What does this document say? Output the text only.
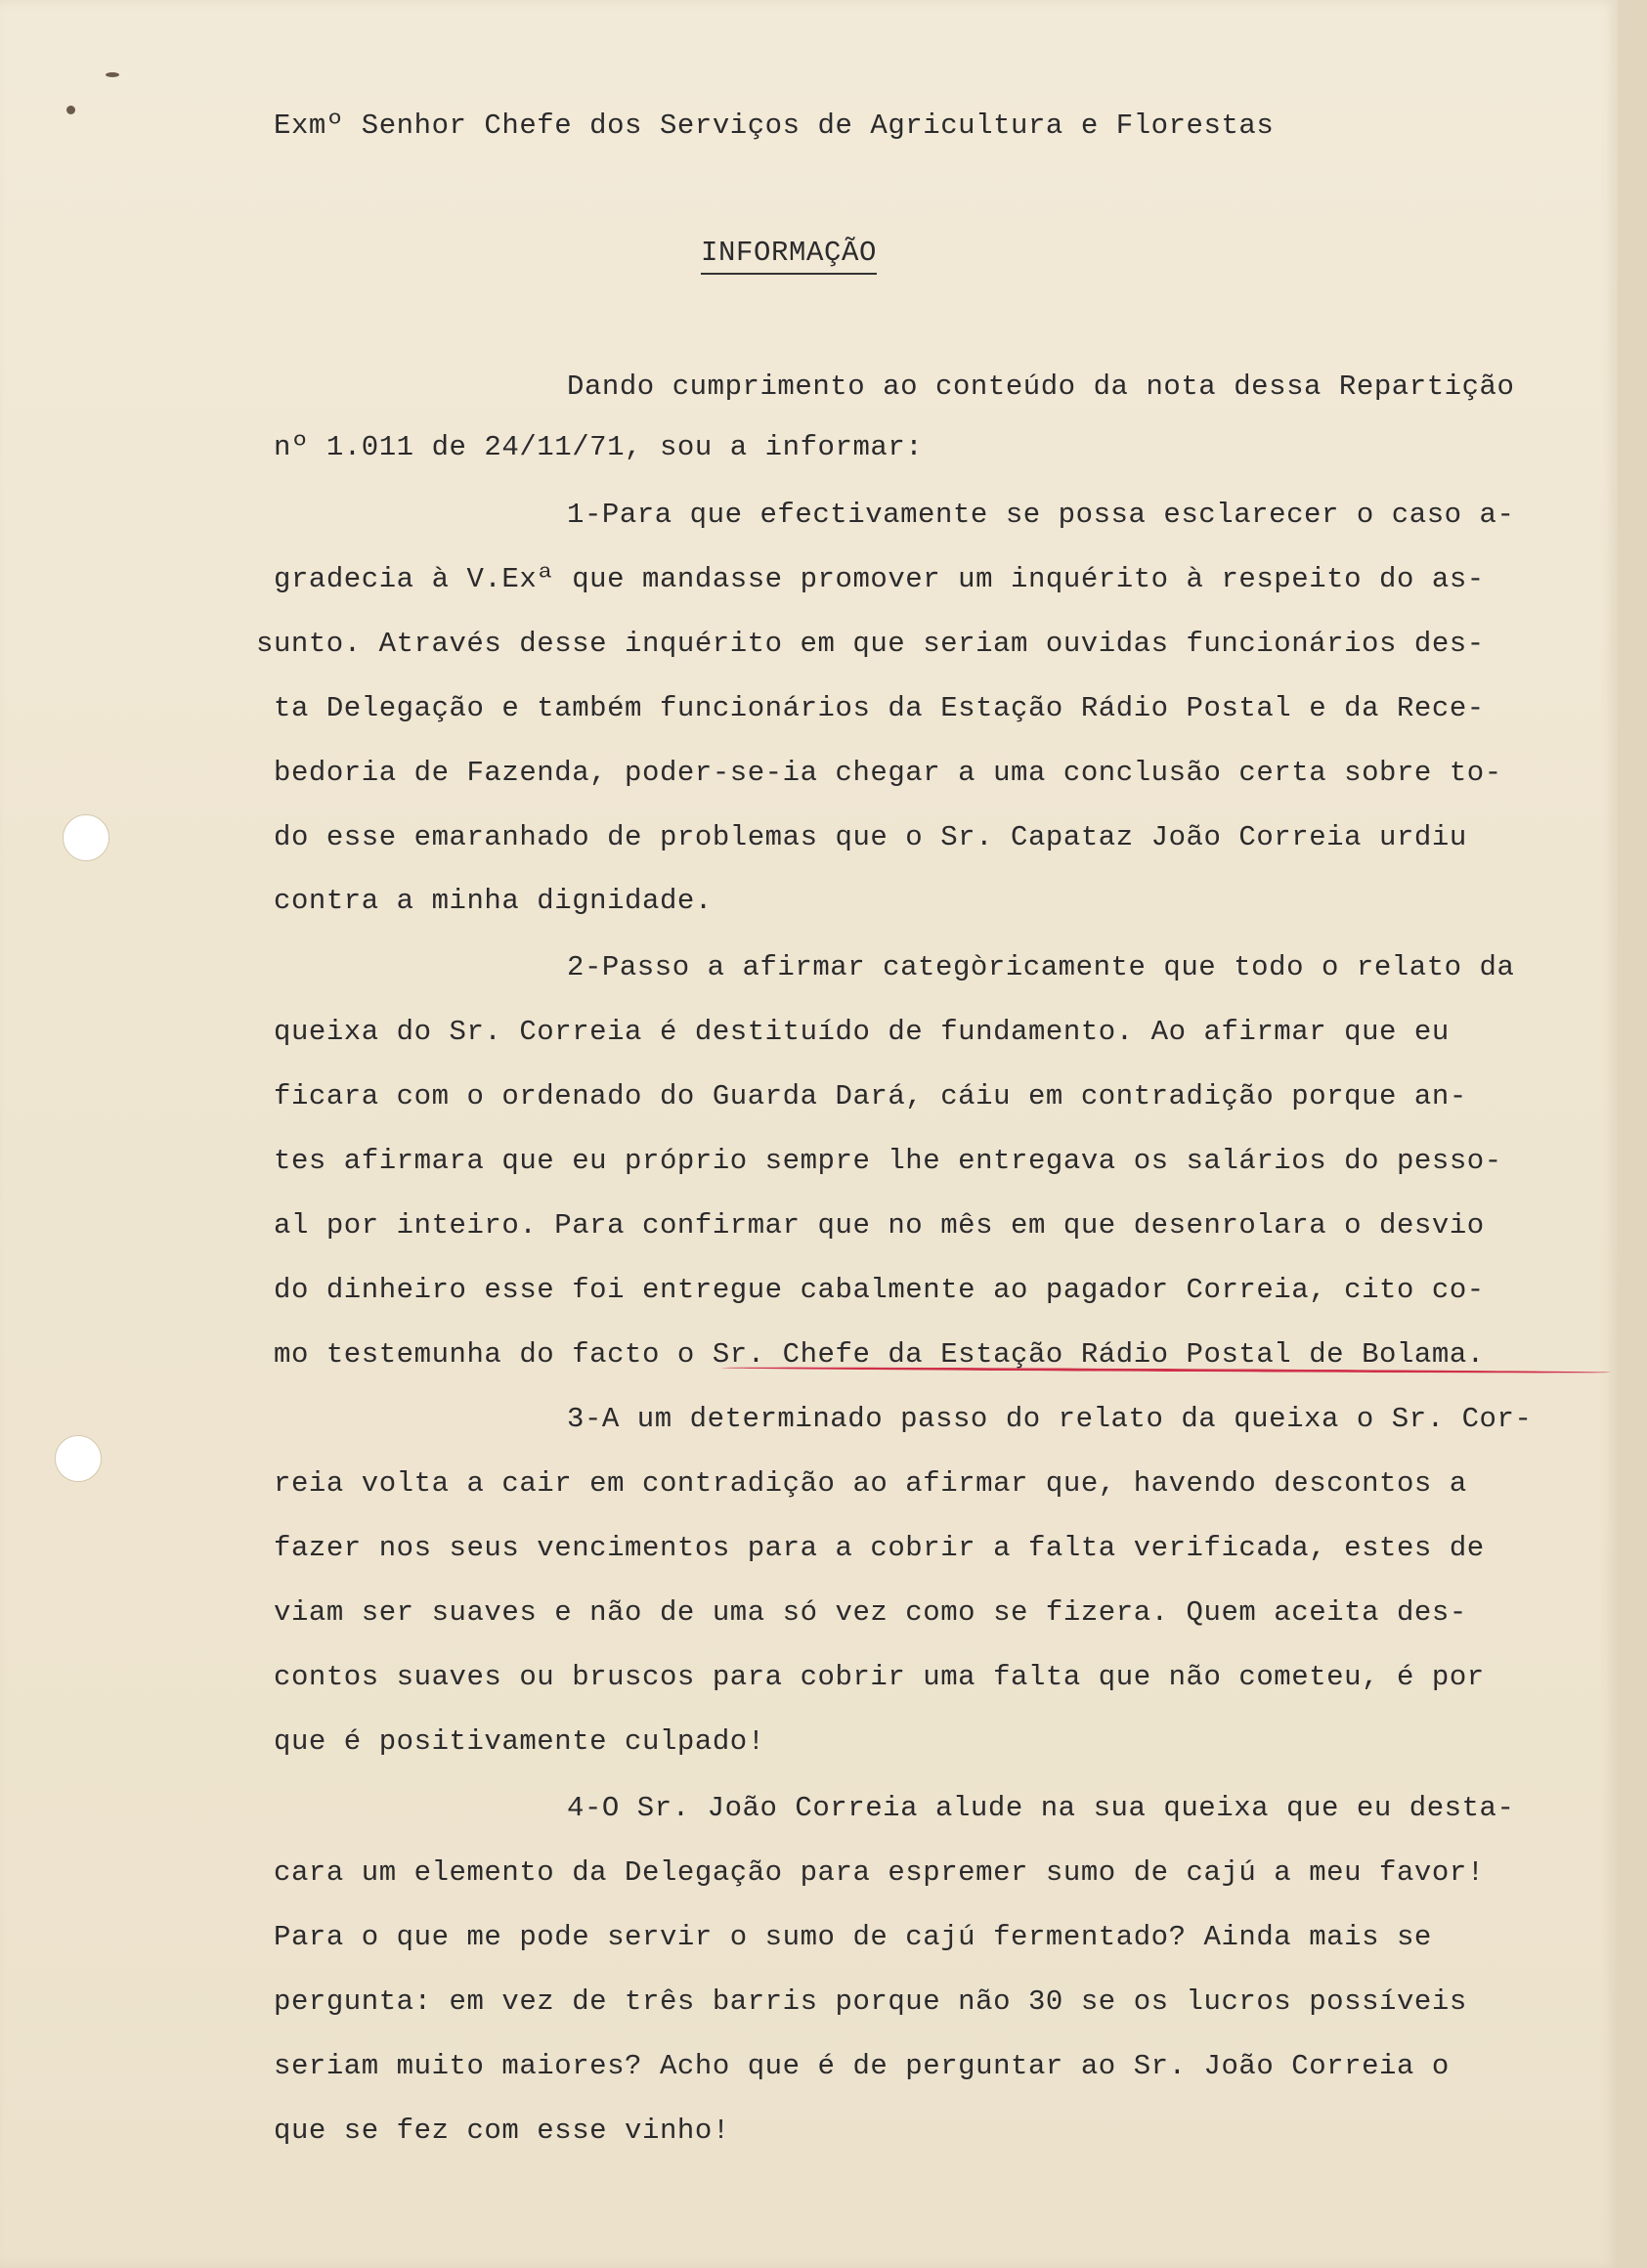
Exmº Senhor Chefe dos Serviços de Agricultura e Florestas

INFORMAÇÃO

Dando cumprimento ao conteúdo da nota dessa Repartição

nº 1.011 de 24/11/71, sou a informar:

1-Para que efectivamente se possa esclarecer o caso a-

gradecia à V.Exª que mandasse promover um inquérito à respeito do as-

sunto. Através desse inquérito em que seriam ouvidas funcionários des-

ta Delegação e também funcionários da Estação Rádio Postal e da Rece-

bedoria de Fazenda, poder-se-ia chegar a uma conclusão certa sobre to-

do esse emaranhado de problemas que o Sr. Capataz João Correia urdiu

contra a minha dignidade.

2-Passo a afirmar categòricamente que todo o relato da

queixa do Sr. Correia é destituído de fundamento. Ao afirmar que eu

ficara com o ordenado do Guarda Dará, cáiu em contradição porque an-

tes afirmara que eu próprio sempre lhe entregava os salários do pesso-

al por inteiro. Para confirmar que no mês em que desenrolara o desvio

do dinheiro esse foi entregue cabalmente ao pagador Correia, cito co-

mo testemunha do facto o Sr. Chefe da Estação Rádio Postal de Bolama.

3-A um determinado passo do relato da queixa o Sr. Cor-

reia volta a cair em contradição ao afirmar que, havendo descontos a

fazer nos seus vencimentos para a cobrir a falta verificada, estes de

viam ser suaves e não de uma só vez como se fizera. Quem aceita des-

contos suaves ou bruscos para cobrir uma falta que não cometeu, é por

que é positivamente culpado!

4-O Sr. João Correia alude na sua queixa que eu desta-

cara um elemento da Delegação para espremer sumo de cajú a meu favor!

Para o que me pode servir o sumo de cajú fermentado? Ainda mais se

pergunta: em vez de três barris porque não 30 se os lucros possíveis

seriam muito maiores? Acho que é de perguntar ao Sr. João Correia o

que se fez com esse vinho!
